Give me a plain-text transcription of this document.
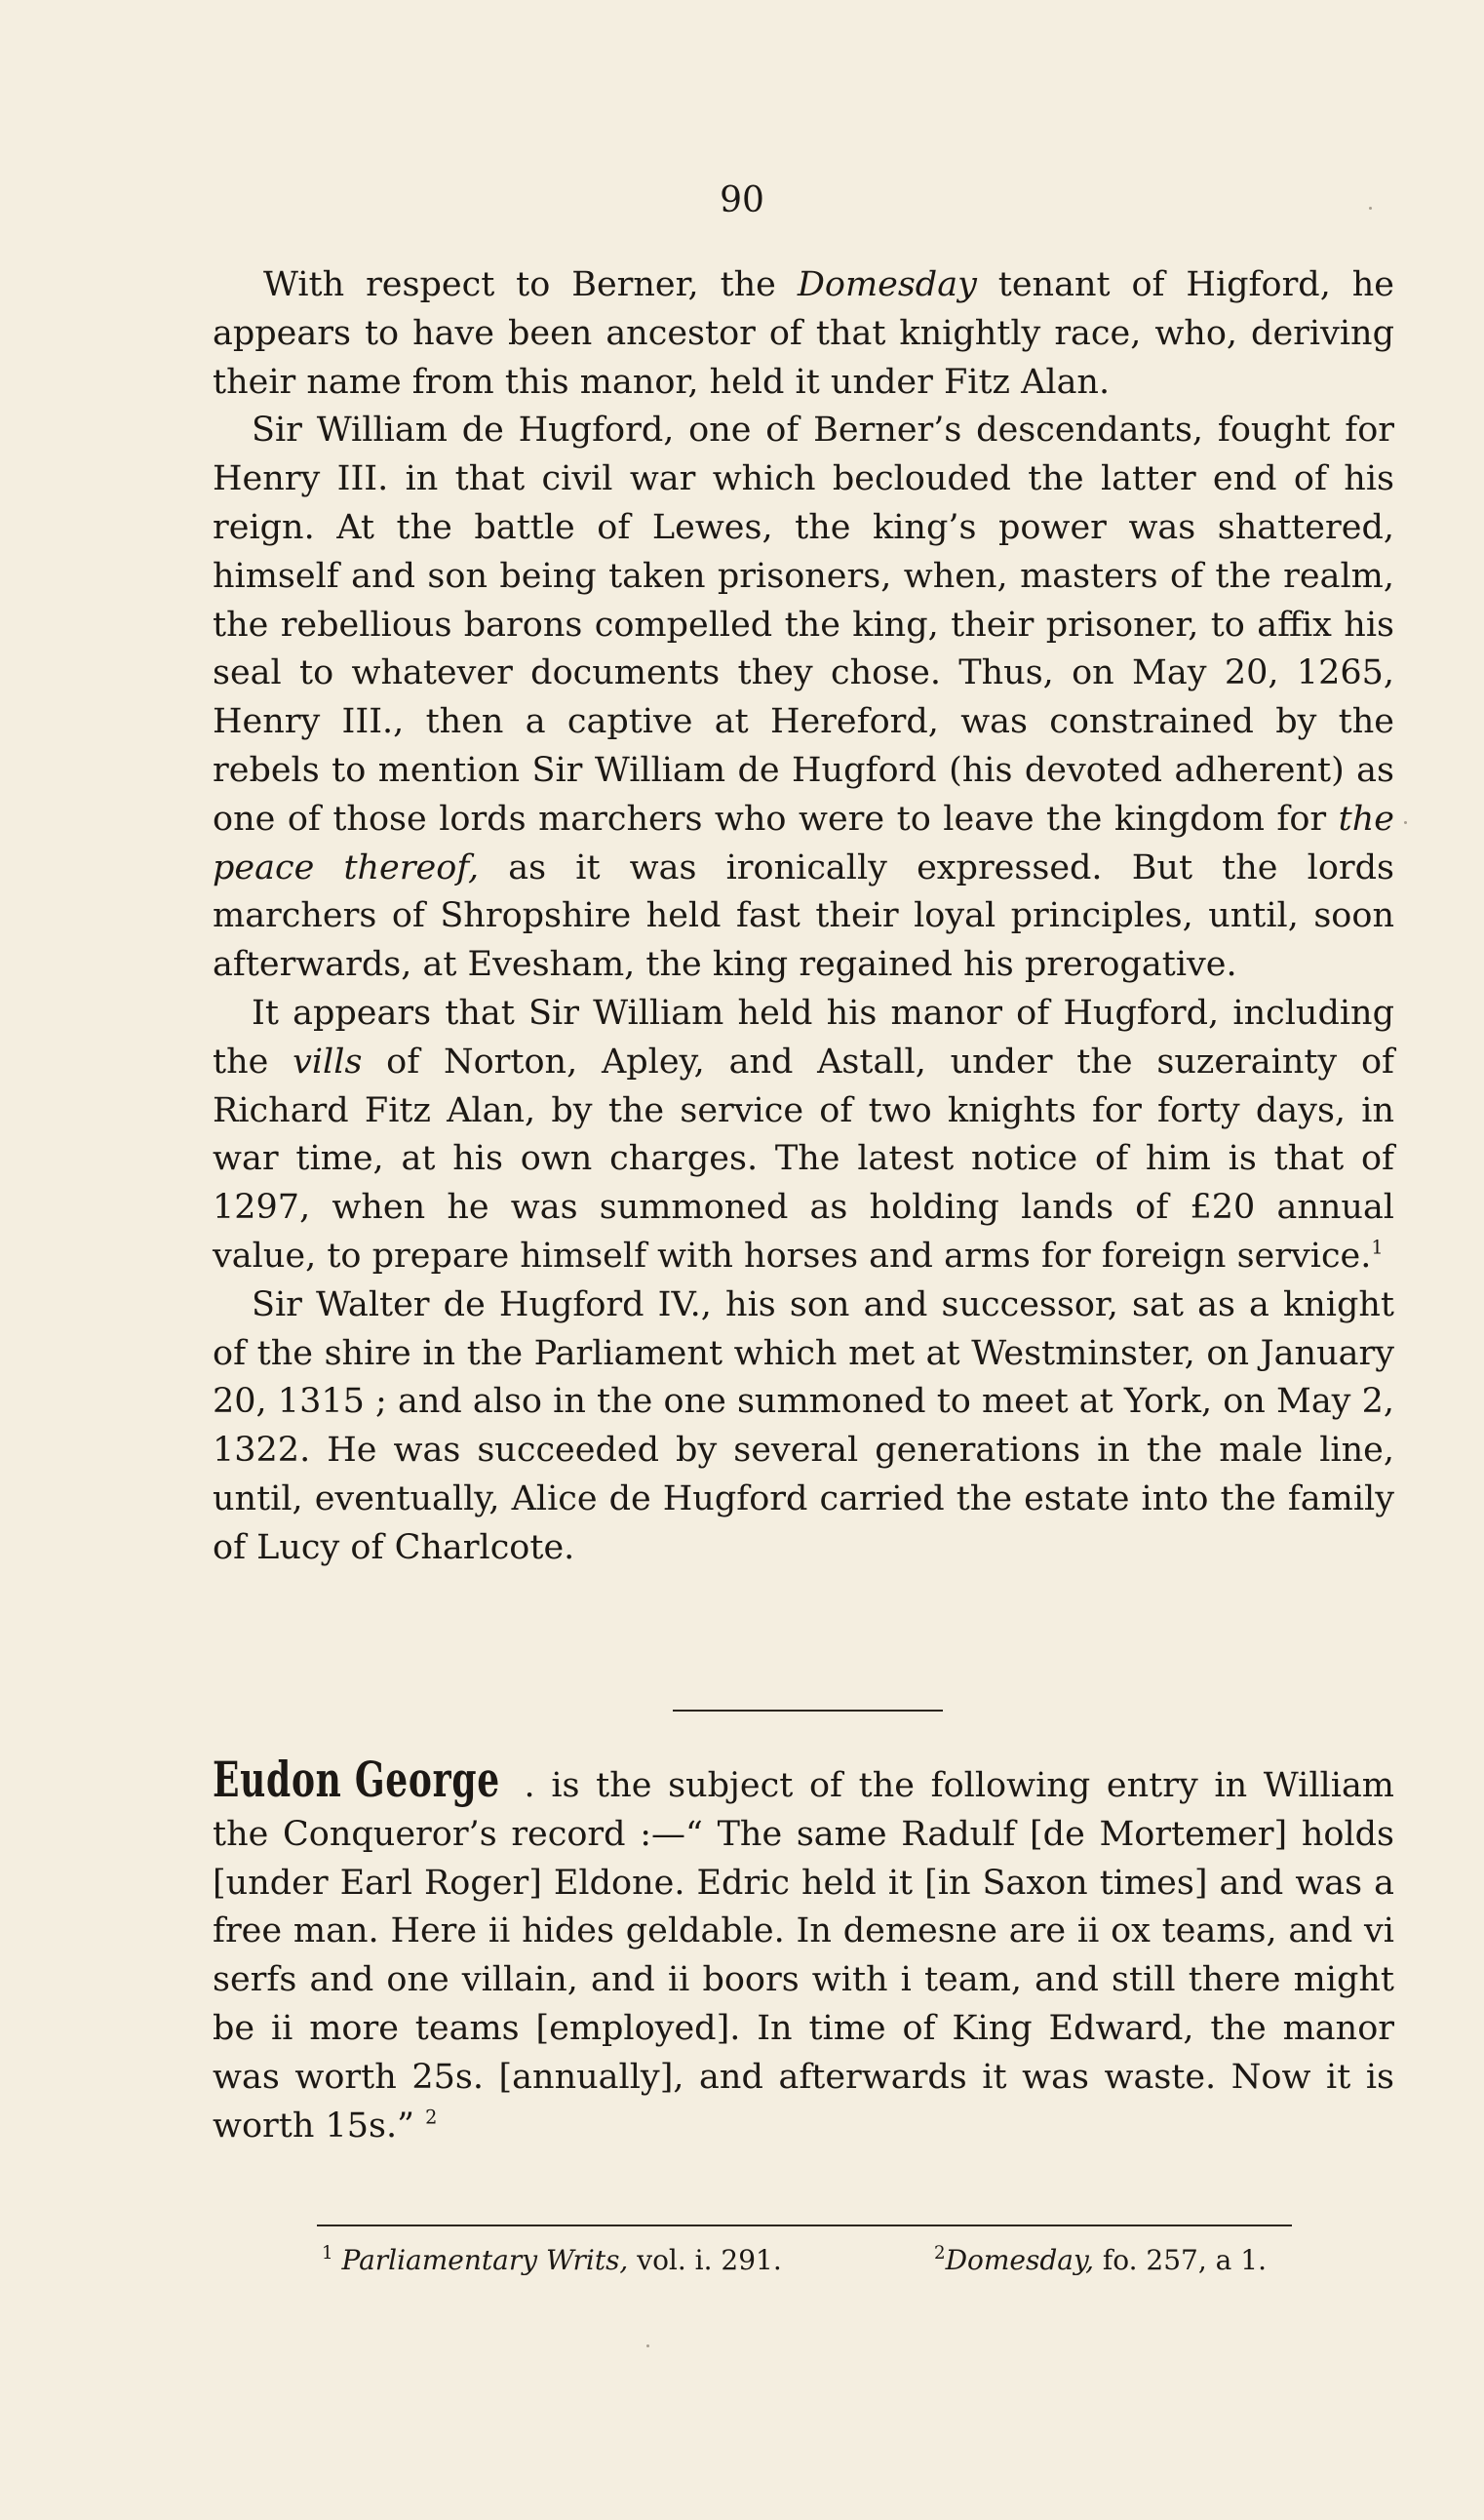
90

With respect to Berner, the Domesday tenant of Higford, he appears to have been ancestor of that knightly race, who, deriving their name from this manor, held it under Fitz Alan.

Sir William de Hugford, one of Berner’s descendants, fought for Henry III. in that civil war which beclouded the latter end of his reign. At the battle of Lewes, the king’s power was shattered, himself and son being taken prisoners, when, masters of the realm, the rebellious barons compelled the king, their prisoner, to affix his seal to whatever documents they chose. Thus, on May 20, 1265, Henry III., then a captive at Hereford, was constrained by the rebels to mention Sir William de Hugford (his devoted adherent) as one of those lords marchers who were to leave the kingdom for the peace thereof, as it was ironically expressed. But the lords marchers of Shropshire held fast their loyal principles, until, soon afterwards, at Evesham, the king regained his prerogative.

It appears that Sir William held his manor of Hugford, including the vills of Norton, Apley, and Astall, under the suzerainty of Richard Fitz Alan, by the service of two knights for forty days, in war time, at his own charges. The latest notice of him is that of 1297, when he was summoned as holding lands of £20 annual value, to prepare himself with horses and arms for foreign service.$^1$

Sir Walter de Hugford IV., his son and successor, sat as a knight of the shire in the Parliament which met at Westminster, on January 20, 1315 ; and also in the one summoned to meet at York, on May 2, 1322. He was succeeded by several generations in the male line, until, eventually, Alice de Hugford carried the estate into the family of Lucy of Charlcote.

Eudon George . is the subject of the following entry in William the Conqueror’s record :—“ The same Radulf [de Mortemer] holds [under Earl Roger] Eldone. Edric held it [in Saxon times] and was a free man. Here ii hides geldable. In demesne are ii ox teams, and vi serfs and one villain, and ii boors with i team, and still there might be ii more teams [employed]. In time of King Edward, the manor was worth 25s. [annually], and afterwards it was waste. Now it is worth 15s.” $^2$

$^1$ Parliamentary Writs, vol. i. 291.	$^2$Domesday, fo. 257, a 1.
